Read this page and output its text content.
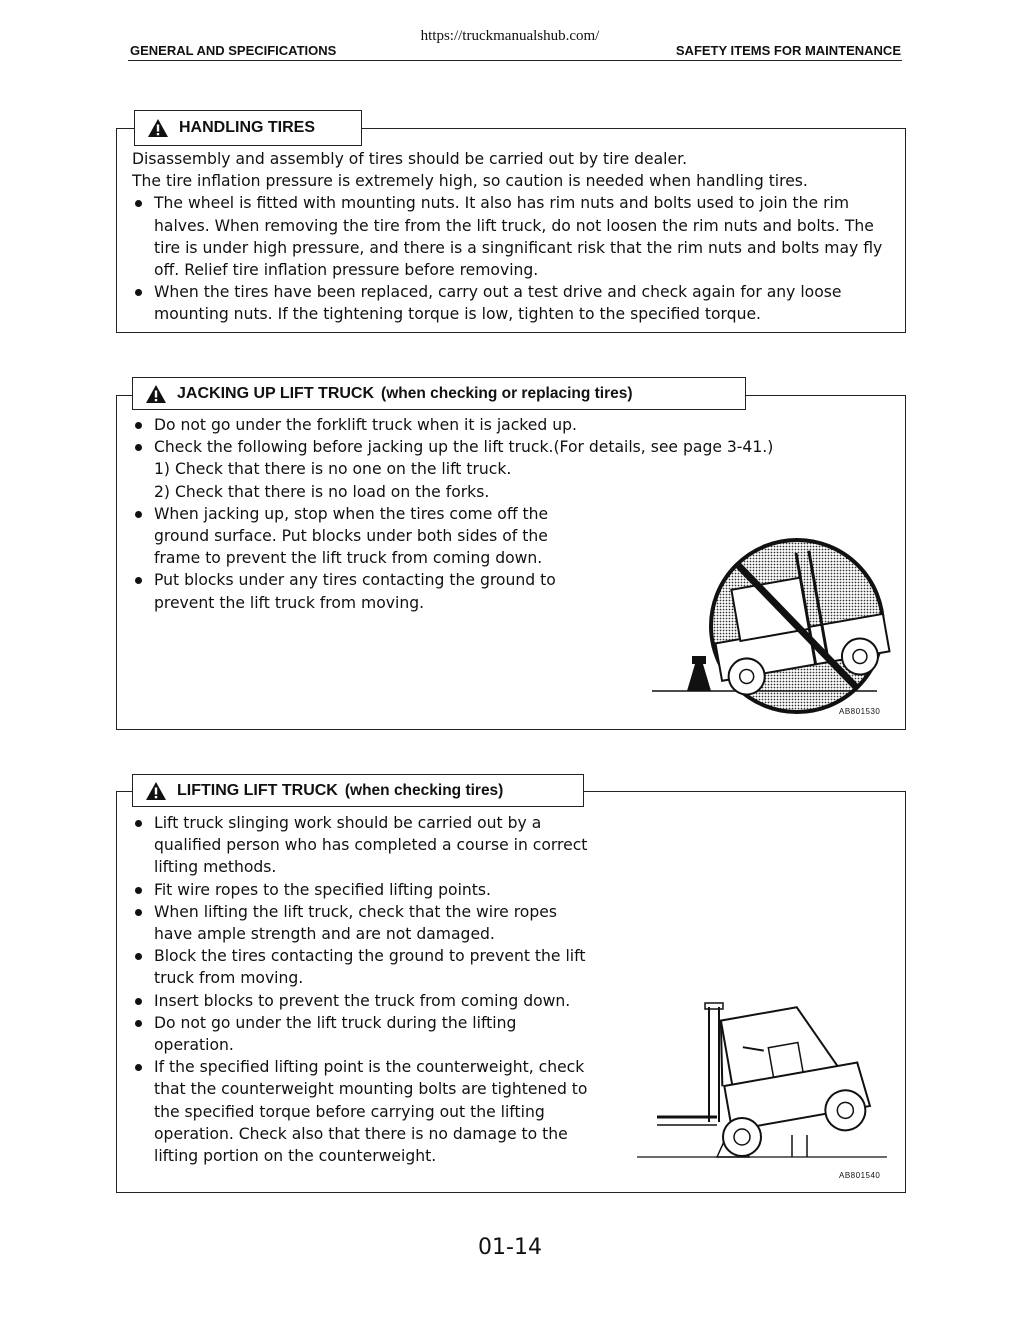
https://truckmanualshub.com/
GENERAL AND SPECIFICATIONS	SAFETY ITEMS FOR MAINTENANCE

Disassembly and assembly of tires should be carried out by tire dealer.

The tire inflation pressure is extremely high, so caution is needed when handling tires.

The wheel is fitted with mounting nuts. It also has rim nuts and bolts used to join the rim halves. When removing the tire from the lift truck, do not loosen the rim nuts and bolts. The tire is under high pressure, and there is a singnificant risk that the rim nuts and bolts may fly off. Relief tire inflation pressure before removing.
When the tires have been replaced, carry out a test drive and check again for any loose mounting nuts. If the tightening torque is low, tighten to the specified torque.
HANDLING TIRES
Do not go under the forklift truck when it is jacked up.
Check the following before jacking up the lift truck.(For details, see page 3-41.)

1) Check that there is no one on the lift truck.

2) Check that there is no load on the forks.

When jacking up, stop when the tires come off the ground surface. Put blocks under both sides of the frame to prevent the lift truck from coming down.
Put blocks under any tires contacting the ground to prevent the lift truck from moving.
AB801530
JACKING UP LIFT TRUCK (when checking or replacing tires)
Lift truck slinging work should be carried out by a qualified person who has completed a course in correct lifting methods.
Fit wire ropes to the specified lifting points.
When lifting the lift truck, check that the wire ropes have ample strength and are not damaged.
Block the tires contacting the ground to prevent the lift truck from moving.
Insert blocks to prevent the truck from coming down.
Do not go under the lift truck during the lifting operation.
If the specified lifting point is the counterweight, check that the counterweight mounting bolts are tightened to the specified torque before carrying out the lifting operation. Check also that there is no damage to the lifting portion on the counterweight.
AB801540
LIFTING LIFT TRUCK (when checking tires)
01-14
